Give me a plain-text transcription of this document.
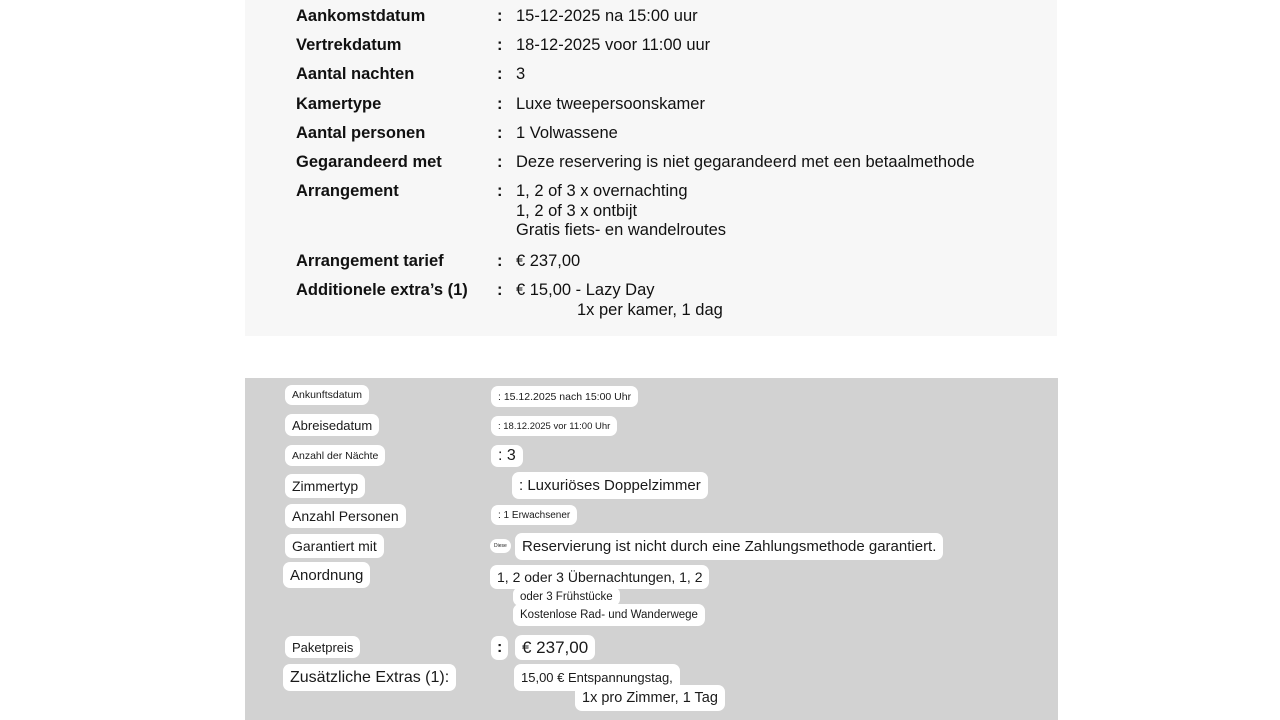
Aankomstdatum	: 15-12-2025 na 15:00 uur
Vertrekdatum	: 18-12-2025 voor 11:00 uur
Aantal nachten	: 3
Kamertype	: Luxe tweepersoonskamer
Aantal personen	: 1 Volwassene
Gegarandeerd met	: Deze reservering is niet gegarandeerd met een betaalmethode
Arrangement	: 1, 2 of 3 x overnachting
1, 2 of 3 x ontbijt
Gratis fiets- en wandelroutes
Arrangement tarief	: € 237,00
Additionele extra’s (1) : € 15,00 - Lazy Day
1x per kamer, 1 dag
Ankunftsdatum	: 15.12.2025 nach 15:00 Uhr
Abreisedatum	: 18.12.2025 vor 11:00 Uhr
Anzahl der Nächte	: 3
Zimmertyp	: Luxuriöses Doppelzimmer
Anzahl Personen	: 1 Erwachsener
Garantiert mit	Diese	Reservierung ist nicht durch eine Zahlungsmethode garantiert.
Anordnung	1, 2 oder 3 Übernachtungen, 1, 2
oder 3 Frühstücke
Kostenlose Rad- und Wanderwege
Paketpreis	:	€ 237,00
Zusätzliche Extras (1):	15,00 € Entspannungstag,
1x pro Zimmer, 1 Tag
